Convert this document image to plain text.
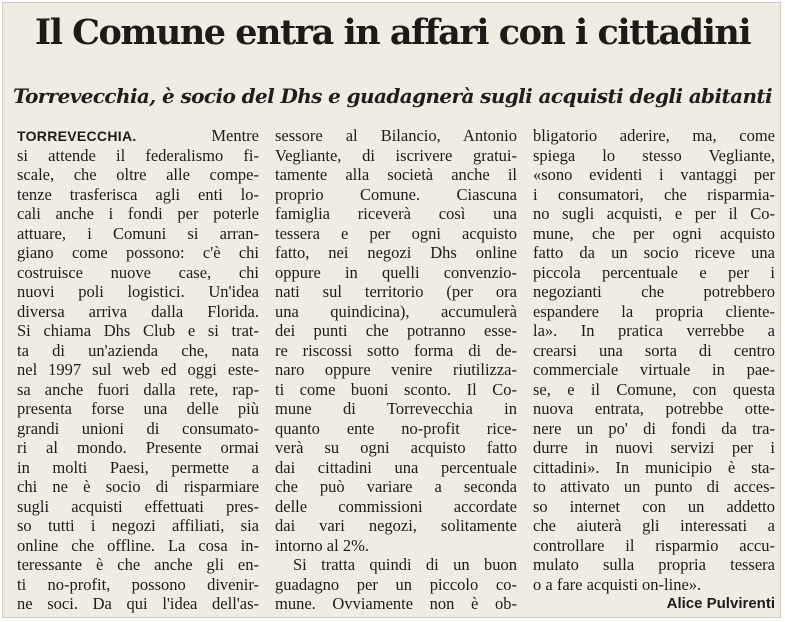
Il Comune entra in affari con i cittadini
Torrevecchia, è socio del Dhs e guadagnerà sugli acquisti degli abitanti
TORREVECCHIA.	Mentre
si attende il federalismo fi-
scale, che oltre alle compe-
tenze trasferisca agli enti lo-
cali anche i fondi per poterle
attuare, i Comuni si arran-
giano come possono: c'è chi
costruisce nuove case, chi
nuovi poli logistici. Un'idea
diversa arriva dalla Florida.
Si chiama Dhs Club e si trat-
ta di un'azienda che, nata
nel 1997 sul web ed oggi este-
sa anche fuori dalla rete, rap-
presenta forse una delle più
grandi unioni di consumato-
ri al mondo. Presente ormai
in molti Paesi, permette a
chi ne è socio di risparmiare
sugli acquisti effettuati pres-
so tutti i negozi affiliati, sia
online che offline. La cosa in-
teressante è che anche gli en-
ti no-profit, possono divenir-
ne soci. Da qui l'idea dell'as-
sessore al Bilancio, Antonio
Vegliante, di iscrivere gratui-
tamente alla società anche il
proprio Comune. Ciascuna
famiglia riceverà così una
tessera e per ogni acquisto
fatto, nei negozi Dhs online
oppure in quelli convenzio-
nati sul territorio (per ora
una quindicina), accumulerà
dei punti che potranno esse-
re riscossi sotto forma di de-
naro oppure venire riutilizza-
ti come buoni sconto. Il Co-
mune di Torrevecchia in
quanto ente no-profit rice-
verà su ogni acquisto fatto
dai cittadini una percentuale
che può variare a seconda
delle commissioni accordate
dai vari negozi, solitamente
intorno al 2%.
Si tratta quindi di un buon
guadagno per un piccolo co-
mune. Ovviamente non è ob-
bligatorio aderire, ma, come
spiega lo stesso Vegliante,
«sono evidenti i vantaggi per
i consumatori, che risparmia-
no sugli acquisti, e per il Co-
mune, che per ogni acquisto
fatto da un socio riceve una
piccola percentuale e per i
negozianti che potrebbero
espandere la propria cliente-
la». In pratica verrebbe a
crearsi una sorta di centro
commerciale virtuale in pae-
se, e il Comune, con questa
nuova entrata, potrebbe otte-
nere un po' di fondi da tra-
durre in nuovi servizi per i
cittadini». In municipio è sta-
to attivato un punto di acces-
so internet con un addetto
che aiuterà gli interessati a
controllare il risparmio accu-
mulato sulla propria tessera
o a fare acquisti on-line».
Alice Pulvirenti
